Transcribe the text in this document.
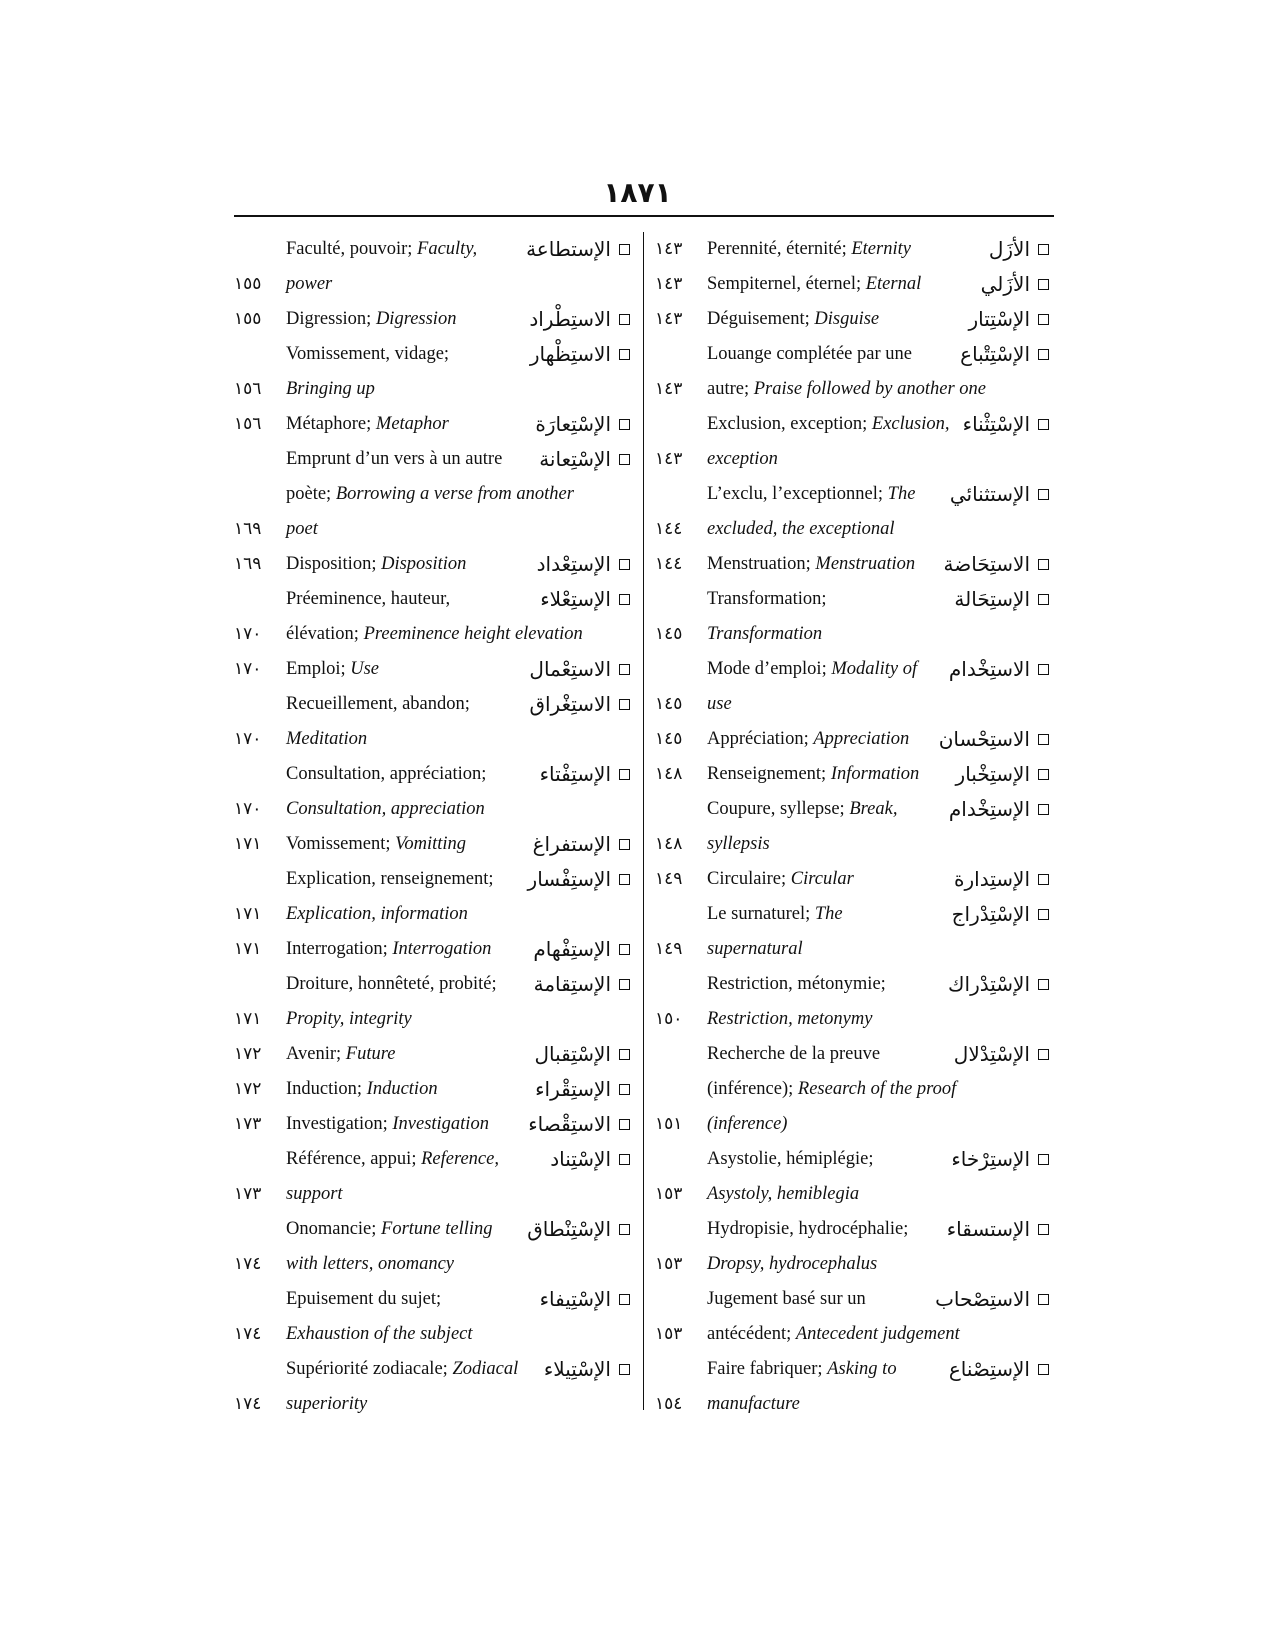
١٨٧١
Faculté, pouvoir; Faculty, الإستطاعة
١٥٥	power
١٥٥	Digression; Digression	الاستِطْراد
Vomissement, vidage;	الاستِظْهار
١٥٦	Bringing up
١٥٦	Métaphore; Metaphor	الإسْتِعارَة
Emprunt d’un vers à un autre الإسْتِعانة
poète; Borrowing a verse from another
١٦٩	poet
١٦٩	Disposition; Disposition	الإستِعْداد
Préeminence, hauteur,	الإستِعْلاء
١٧٠	élévation; Preeminence height elevation
١٧٠	Emploi; Use	الاستِعْمال
Recueillement, abandon;	الاستِغْراق
١٧٠	Meditation
Consultation, appréciation;	الإستِفْتاء
١٧٠	Consultation, appreciation
١٧١	Vomissement; Vomitting	الإستفراغ
Explication, renseignement; الإستِفْسار
١٧١	Explication, information
١٧١	Interrogation; Interrogation الإستِفْهام
Droiture, honnêteté, probité; الإستِقامة
١٧١	Propity, integrity
١٧٢	Avenir; Future	الإسْتِقبال
١٧٢	Induction; Induction	الإستِقْراء
١٧٣	Investigation; Investigation الاستِقْصاء
Référence, appui; Reference,	الإسْتِناد
١٧٣	support
Onomancie; Fortune telling الإسْتِنْطاق
١٧٤	with letters, onomancy
Epuisement du sujet;	الإسْتِيفاء
١٧٤	Exhaustion of the subject
Supériorité zodiacale; Zodiacal الإسْتِيلاء
١٧٤	superiority
١٤٣	Perennité, éternité; Eternity	الأزَل
١٤٣	Sempiternel, éternel; Eternal	الأزَلي
١٤٣	Déguisement; Disguise	الإسْتِتار
Louange complétée par une الإسْتِتْباع
١٤٣	autre; Praise followed by another one
Exclusion, exception; Exclusion, الإسْتِثْناء
١٤٣	exception
L’exclu, l’exceptionnel; The الإستثنائي
١٤٤	excluded, the exceptional
١٤٤	Menstruation; Menstruation الاستِحَاضة
Transformation;	الإستِحَالة
١٤٥	Transformation
Mode d’emploi; Modality of الاستِخْدام
١٤٥	use
١٤٥	Appréciation; Appreciation الاستِحْسان
١٤٨	Renseignement; Information الإستِخْبار
Coupure, syllepse; Break,	الإستِخْدام
١٤٨	syllepsis
١٤٩	Circulaire; Circular	الإستِدارة
Le surnaturel; The	الإسْتِدْراج
١٤٩	supernatural
Restriction, métonymie;	الإسْتِدْراك
١٥٠	Restriction, metonymy
Recherche de la preuve	الإسْتِدْلال
(inférence); Research of the proof
١٥١	(inference)
Asystolie, hémiplégie;	الإستِرْخاء
١٥٣	Asystoly, hemiblegia
Hydropisie, hydrocéphalie; الإستسقاء
١٥٣	Dropsy, hydrocephalus
Jugement basé sur un	الاستِصْحاب
١٥٣	antécédent; Antecedent judgement
Faire fabriquer; Asking to	الإستِصْناع
١٥٤	manufacture
